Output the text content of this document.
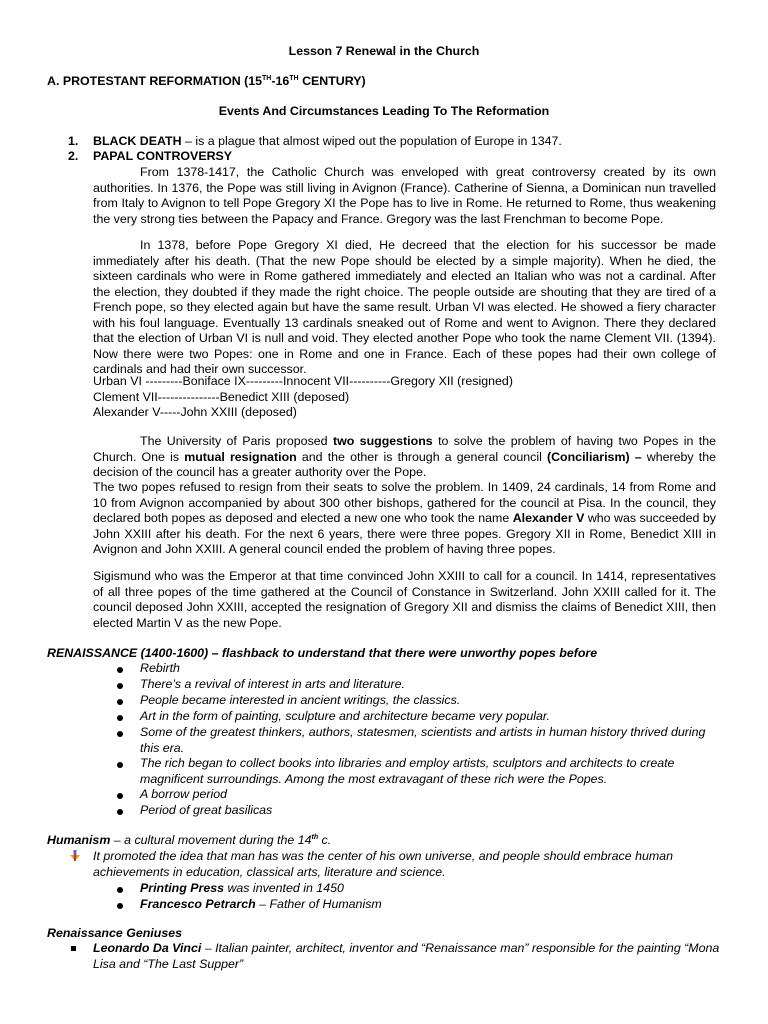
Lesson 7 Renewal in the Church
A. PROTESTANT REFORMATION (15TH-16TH CENTURY)
Events And Circumstances Leading To The Reformation
1. BLACK DEATH – is a plague that almost wiped out the population of Europe in 1347.
2. PAPAL CONTROVERSY
From 1378-1417, the Catholic Church was enveloped with great controversy created by its own authorities. In 1376, the Pope was still living in Avignon (France). Catherine of Sienna, a Dominican nun travelled from Italy to Avignon to tell Pope Gregory XI the Pope has to live in Rome. He returned to Rome, thus weakening the very strong ties between the Papacy and France. Gregory was the last Frenchman to become Pope.
In 1378, before Pope Gregory XI died, He decreed that the election for his successor be made immediately after his death. (That the new Pope should be elected by a simple majority). When he died, the sixteen cardinals who were in Rome gathered immediately and elected an Italian who was not a cardinal. After the election, they doubted if they made the right choice. The people outside are shouting that they are tired of a French pope, so they elected again but have the same result. Urban VI was elected. He showed a fiery character with his foul language. Eventually 13 cardinals sneaked out of Rome and went to Avignon. There they declared that the election of Urban VI is null and void. They elected another Pope who took the name Clement VII. (1394). Now there were two Popes: one in Rome and one in France. Each of these popes had their own college of cardinals and had their own successor.
Urban VI ---------Boniface IX---------Innocent VII----------Gregory XII (resigned)
Clement VII---------------Benedict XIII (deposed)
Alexander V-----John XXIII (deposed)
The University of Paris proposed two suggestions to solve the problem of having two Popes in the Church. One is mutual resignation and the other is through a general council (Conciliarism) – whereby the decision of the council has a greater authority over the Pope.
The two popes refused to resign from their seats to solve the problem. In 1409, 24 cardinals, 14 from Rome and 10 from Avignon accompanied by about 300 other bishops, gathered for the council at Pisa. In the council, they declared both popes as deposed and elected a new one who took the name Alexander V who was succeeded by John XXIII after his death. For the next 6 years, there were three popes. Gregory XII in Rome, Benedict XIII in Avignon and John XXIII. A general council ended the problem of having three popes.
Sigismund who was the Emperor at that time convinced John XXIII to call for a council. In 1414, representatives of all three popes of the time gathered at the Council of Constance in Switzerland. John XXIII called for it. The council deposed John XXIII, accepted the resignation of Gregory XII and dismiss the claims of Benedict XIII, then elected Martin V as the new Pope.
RENAISSANCE (1400-1600) – flashback to understand that there were unworthy popes before
Rebirth
There’s a revival of interest in arts and literature.
People became interested in ancient writings, the classics.
Art in the form of painting, sculpture and architecture became very popular.
Some of the greatest thinkers, authors, statesmen, scientists and artists in human history thrived during this era.
The rich began to collect books into libraries and employ artists, sculptors and architects to create magnificent surroundings. Among the most extravagant of these rich were the Popes.
A borrow period
Period of great basilicas
Humanism – a cultural movement during the 14th c.
It promoted the idea that man has was the center of his own universe, and people should embrace human achievements in education, classical arts, literature and science.
Printing Press was invented in 1450
Francesco Petrarch – Father of Humanism
Renaissance Geniuses
Leonardo Da Vinci – Italian painter, architect, inventor and “Renaissance man” responsible for the painting “Mona Lisa and “The Last Supper”
